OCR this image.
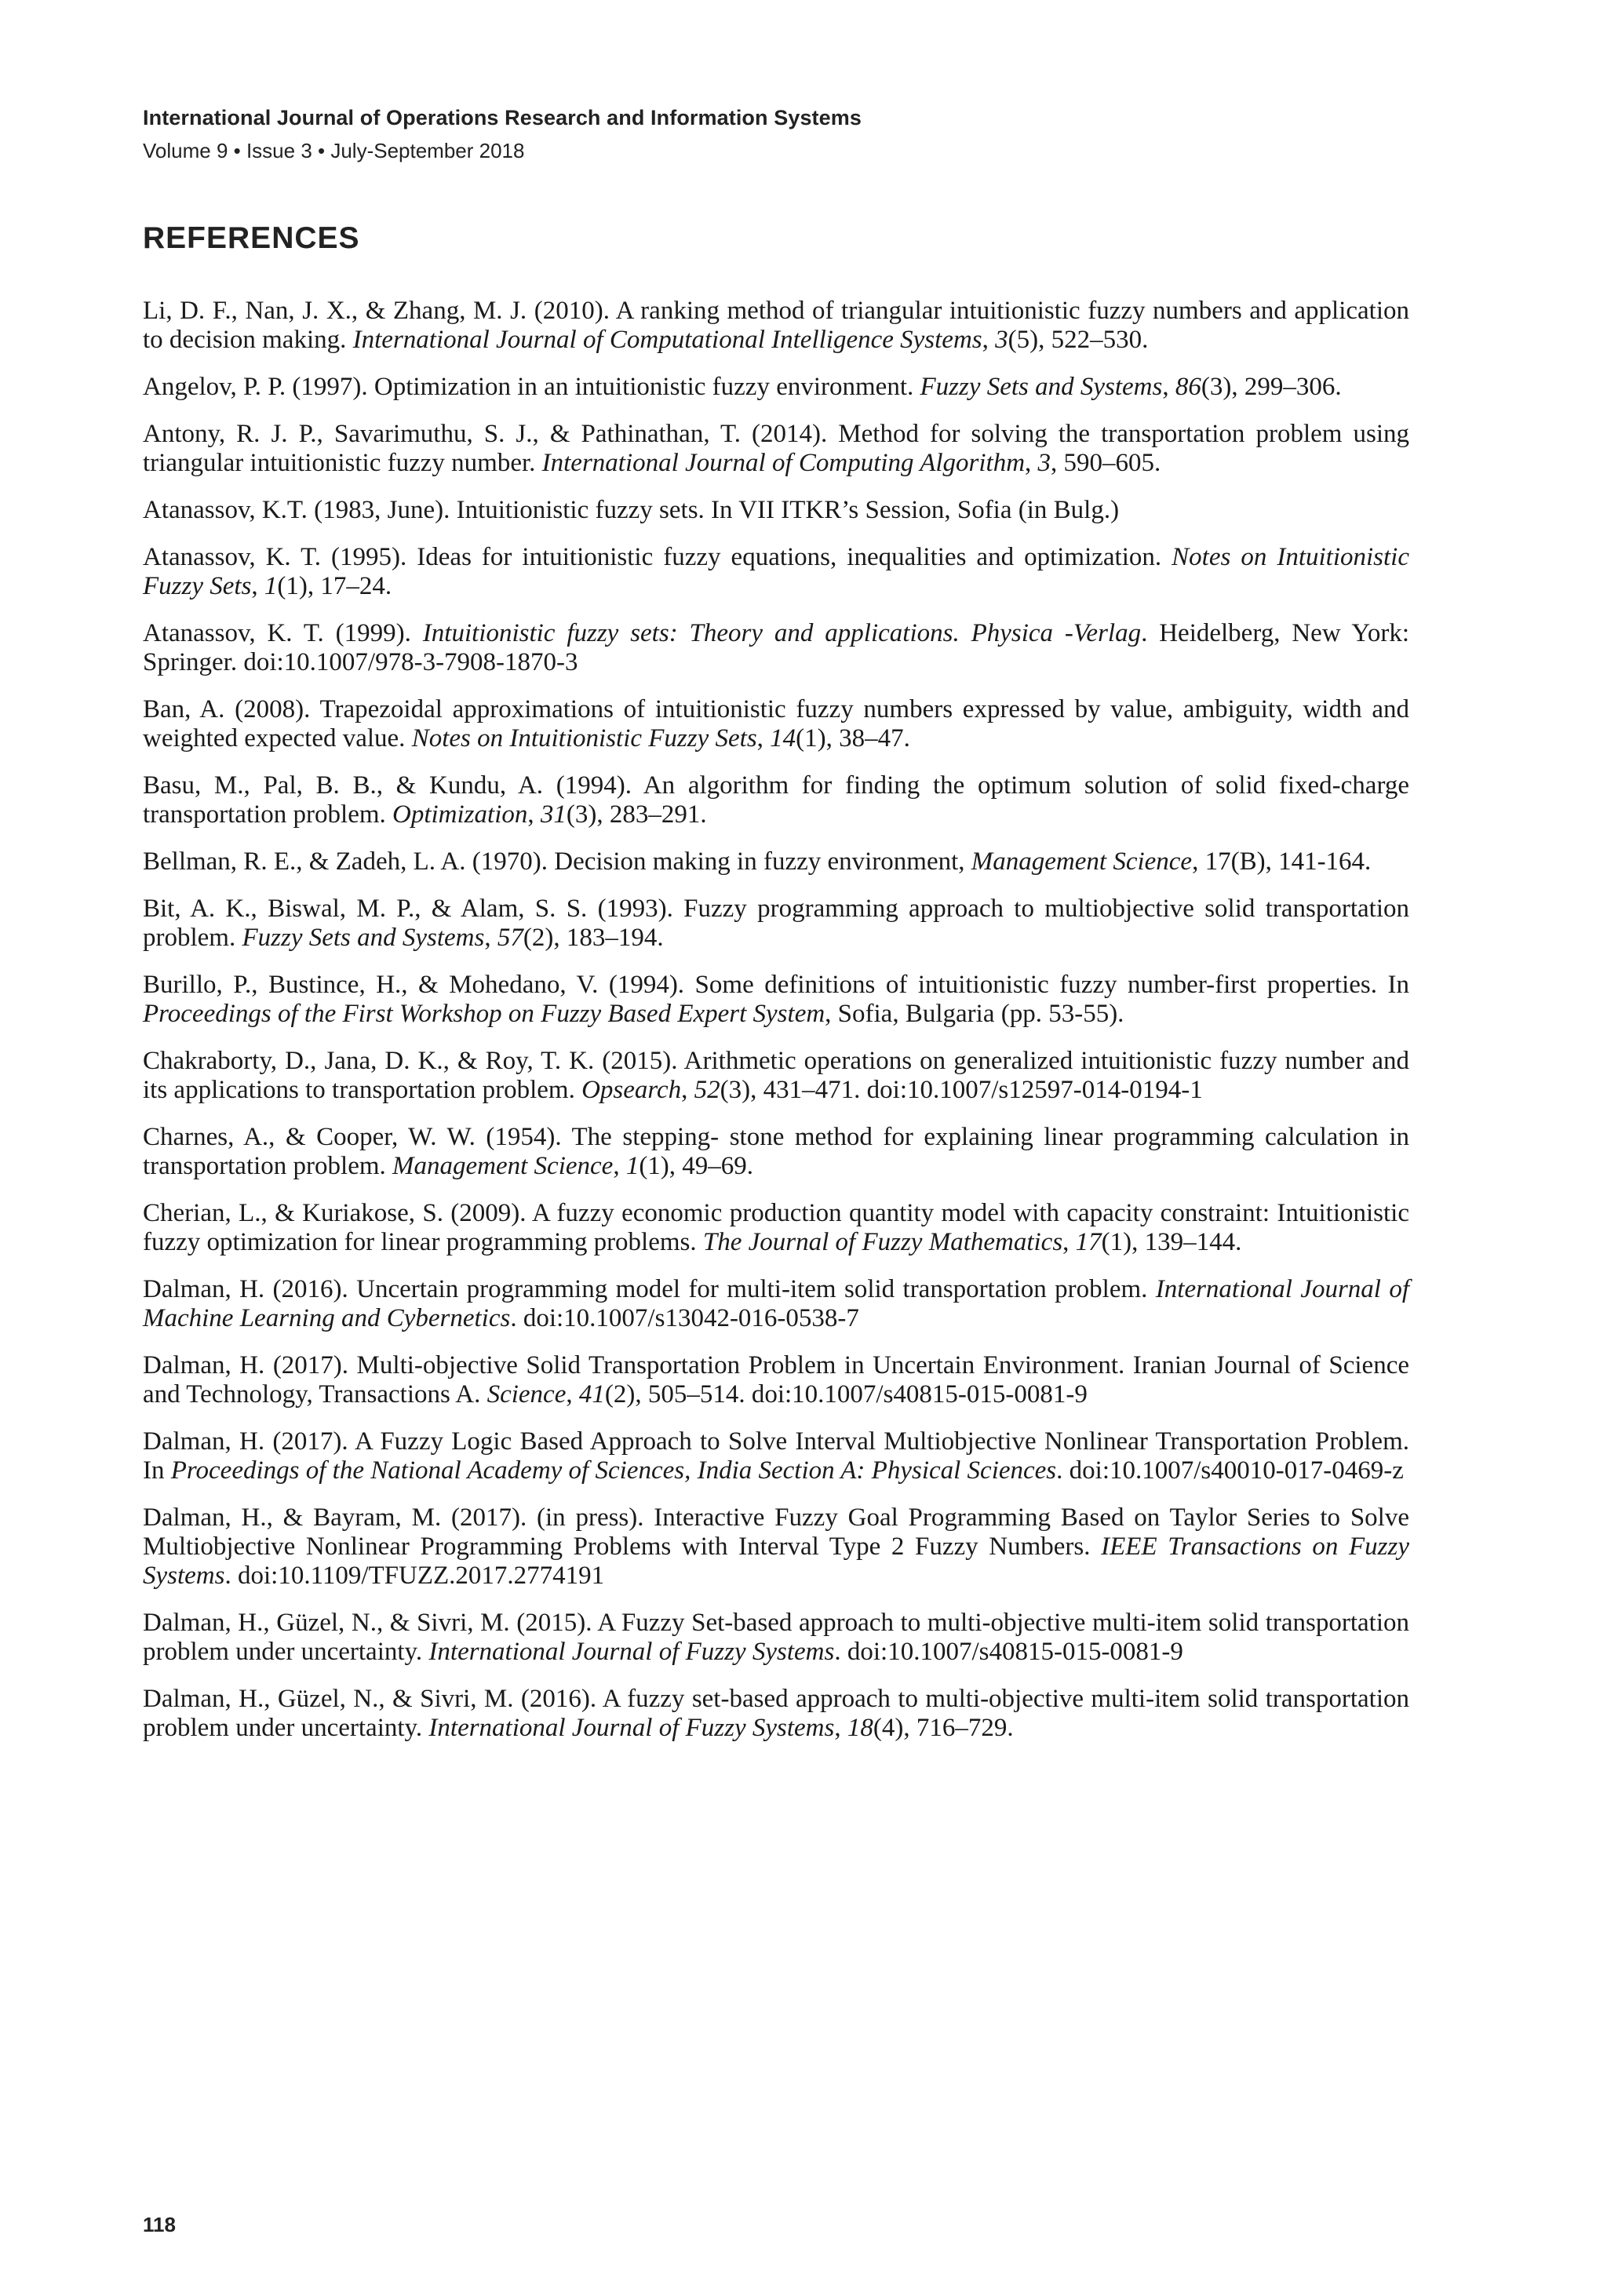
International Journal of Operations Research and Information Systems
Volume 9 • Issue 3 • July-September 2018
REFERENCES

Li, D. F., Nan, J. X., & Zhang, M. J. (2010). A ranking method of triangular intuitionistic fuzzy numbers and application to decision making. International Journal of Computational Intelligence Systems, 3(5), 522–530.

Angelov, P. P. (1997). Optimization in an intuitionistic fuzzy environment. Fuzzy Sets and Systems, 86(3), 299–306.

Antony, R. J. P., Savarimuthu, S. J., & Pathinathan, T. (2014). Method for solving the transportation problem using triangular intuitionistic fuzzy number. International Journal of Computing Algorithm, 3, 590–605.

Atanassov, K.T. (1983, June). Intuitionistic fuzzy sets. In VII ITKR’s Session, Sofia (in Bulg.)

Atanassov, K. T. (1995). Ideas for intuitionistic fuzzy equations, inequalities and optimization. Notes on Intuitionistic Fuzzy Sets, 1(1), 17–24.

Atanassov, K. T. (1999). Intuitionistic fuzzy sets: Theory and applications. Physica -Verlag. Heidelberg, New York: Springer. doi:10.1007/978-3-7908-1870-3

Ban, A. (2008). Trapezoidal approximations of intuitionistic fuzzy numbers expressed by value, ambiguity, width and weighted expected value. Notes on Intuitionistic Fuzzy Sets, 14(1), 38–47.

Basu, M., Pal, B. B., & Kundu, A. (1994). An algorithm for finding the optimum solution of solid fixed-charge transportation problem. Optimization, 31(3), 283–291.

Bellman, R. E., & Zadeh, L. A. (1970). Decision making in fuzzy environment, Management Science, 17(B), 141-164.

Bit, A. K., Biswal, M. P., & Alam, S. S. (1993). Fuzzy programming approach to multiobjective solid transportation problem. Fuzzy Sets and Systems, 57(2), 183–194.

Burillo, P., Bustince, H., & Mohedano, V. (1994). Some definitions of intuitionistic fuzzy number-first properties. In Proceedings of the First Workshop on Fuzzy Based Expert System, Sofia, Bulgaria (pp. 53-55).

Chakraborty, D., Jana, D. K., & Roy, T. K. (2015). Arithmetic operations on generalized intuitionistic fuzzy number and its applications to transportation problem. Opsearch, 52(3), 431–471. doi:10.1007/s12597-014-0194-1

Charnes, A., & Cooper, W. W. (1954). The stepping- stone method for explaining linear programming calculation in transportation problem. Management Science, 1(1), 49–69.

Cherian, L., & Kuriakose, S. (2009). A fuzzy economic production quantity model with capacity constraint: Intuitionistic fuzzy optimization for linear programming problems. The Journal of Fuzzy Mathematics, 17(1), 139–144.

Dalman, H. (2016). Uncertain programming model for multi-item solid transportation problem. International Journal of Machine Learning and Cybernetics. doi:10.1007/s13042-016-0538-7

Dalman, H. (2017). Multi-objective Solid Transportation Problem in Uncertain Environment. Iranian Journal of Science and Technology, Transactions A. Science, 41(2), 505–514. doi:10.1007/s40815-015-0081-9

Dalman, H. (2017). A Fuzzy Logic Based Approach to Solve Interval Multiobjective Nonlinear Transportation Problem. In Proceedings of the National Academy of Sciences, India Section A: Physical Sciences. doi:10.1007/s40010-017-0469-z

Dalman, H., & Bayram, M. (2017). (in press). Interactive Fuzzy Goal Programming Based on Taylor Series to Solve Multiobjective Nonlinear Programming Problems with Interval Type 2 Fuzzy Numbers. IEEE Transactions on Fuzzy Systems. doi:10.1109/TFUZZ.2017.2774191

Dalman, H., Güzel, N., & Sivri, M. (2015). A Fuzzy Set-based approach to multi-objective multi-item solid transportation problem under uncertainty. International Journal of Fuzzy Systems. doi:10.1007/s40815-015-0081-9

Dalman, H., Güzel, N., & Sivri, M. (2016). A fuzzy set-based approach to multi-objective multi-item solid transportation problem under uncertainty. International Journal of Fuzzy Systems, 18(4), 716–729.

118
